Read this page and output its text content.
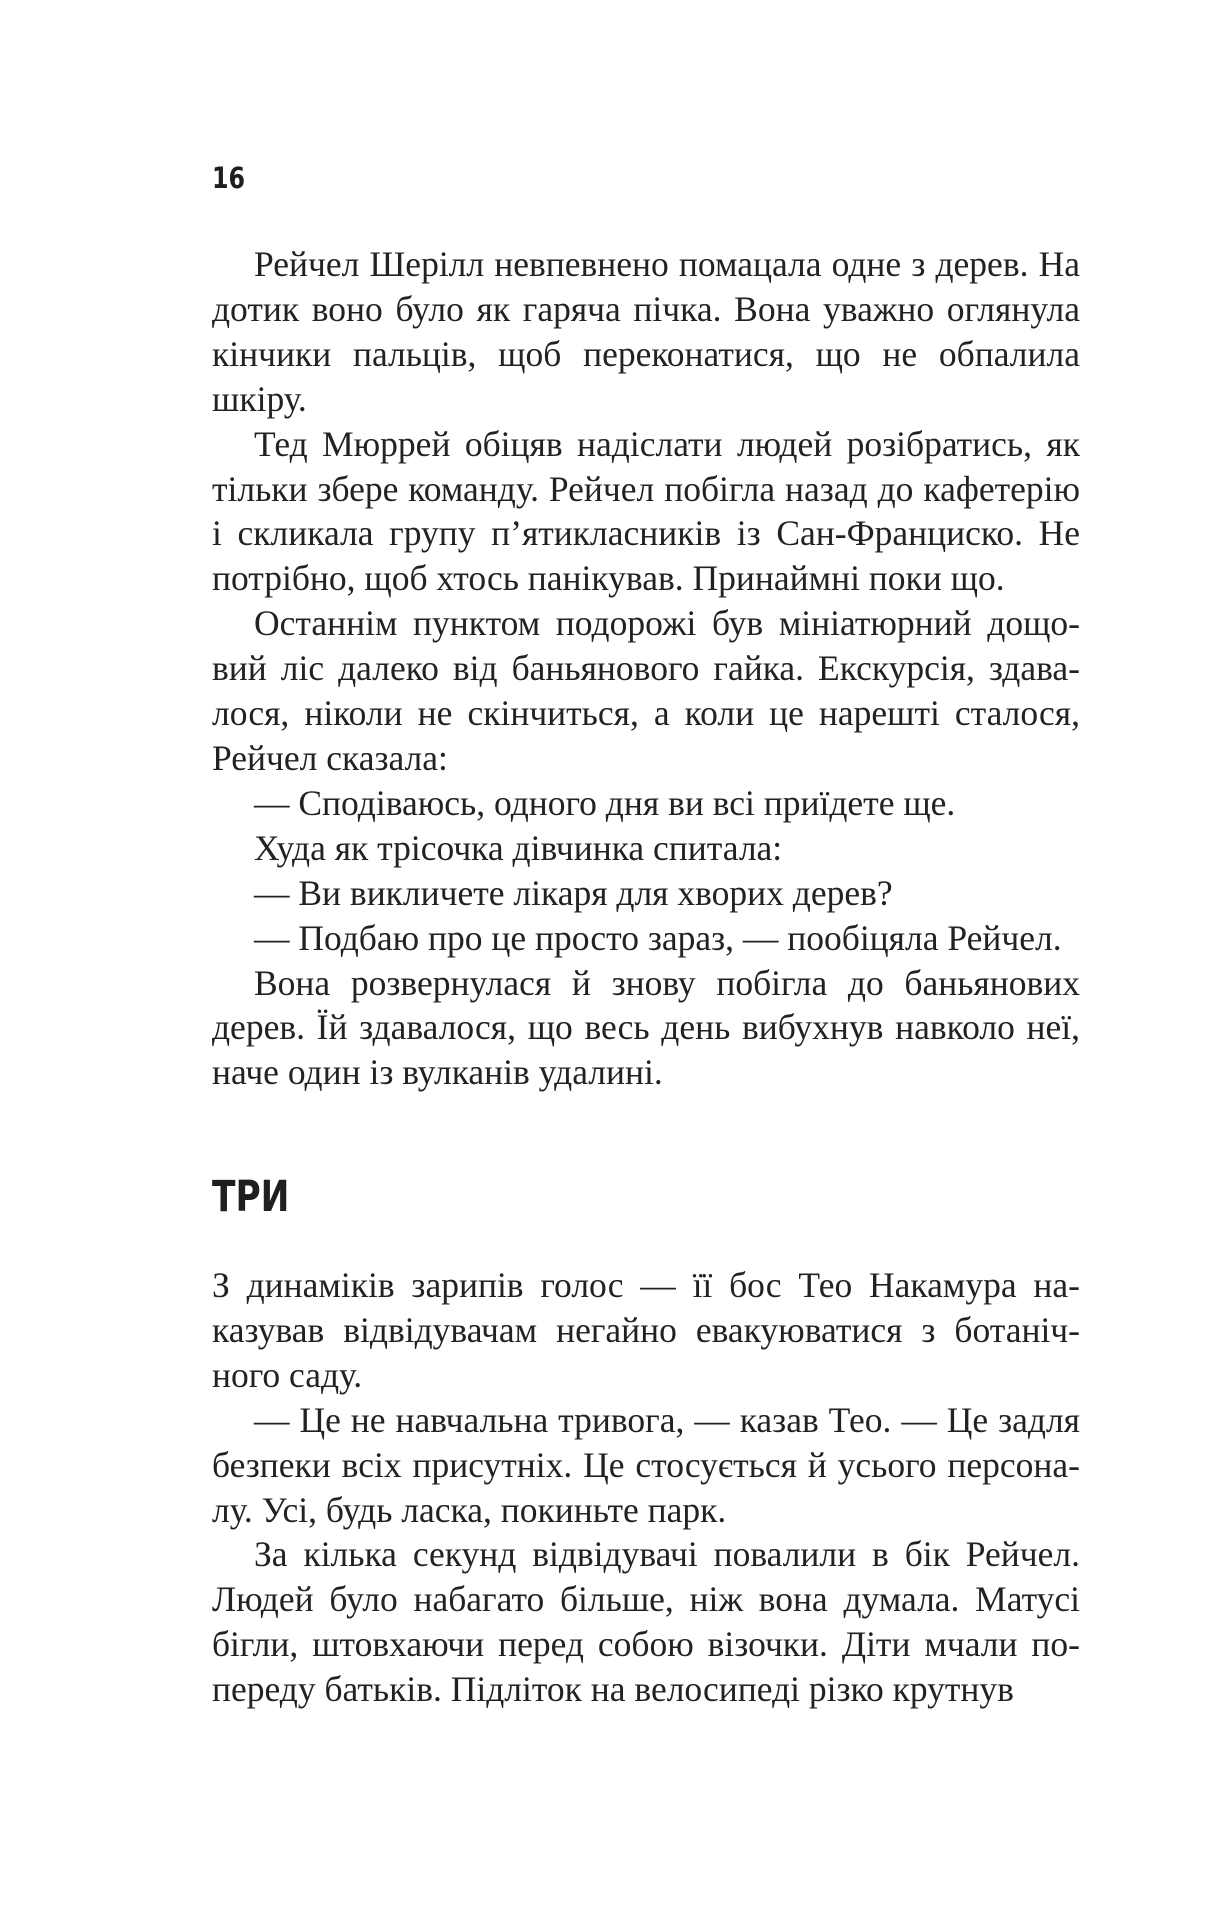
16

Рейчел Шерілл невпевнено помацала одне з дерев. На дотик воно було як гаряча пічка. Вона уважно оглянула кінчики пальців, щоб переконатися, що не обпалила шкіру.

Тед Мюррей обіцяв надіслати людей розібратись, як тільки збере команду. Рейчел побігла назад до кафетерію і скликала групу п’ятикласників із Сан-Франциско. Не потрібно, щоб хтось панікував. Принаймні поки що.

Останнім пунктом подорожі був мініатюрний дощовий ліс далеко від баньянового гайка. Екскурсія, здавалося, ніколи не скінчиться, а коли це нарешті сталося, Рейчел сказала:

— Сподіваюсь, одного дня ви всі приїдете ще.

Худа як трісочка дівчинка спитала:

— Ви викличете лікаря для хворих дерев?

— Подбаю про це просто зараз, — пообіцяла Рейчел.

Вона розвернулася й знову побігла до баньянових дерев. Їй здавалося, що весь день вибухнув навколо неї, наче один із вулканів удалині.

ТРИ

З динаміків зарипів голос — її бос Тео Накамура наказував відвідувачам негайно евакуюватися з ботанічного саду.

— Це не навчальна тривога, — казав Тео. — Це задля безпеки всіх присутніх. Це стосується й усього персоналу. Усі, будь ласка, покиньте парк.

За кілька секунд відвідувачі повалили в бік Рейчел. Людей було набагато більше, ніж вона думала. Матусі бігли, штовхаючи перед собою візочки. Діти мчали попереду батьків. Підліток на велосипеді різко крутнув
